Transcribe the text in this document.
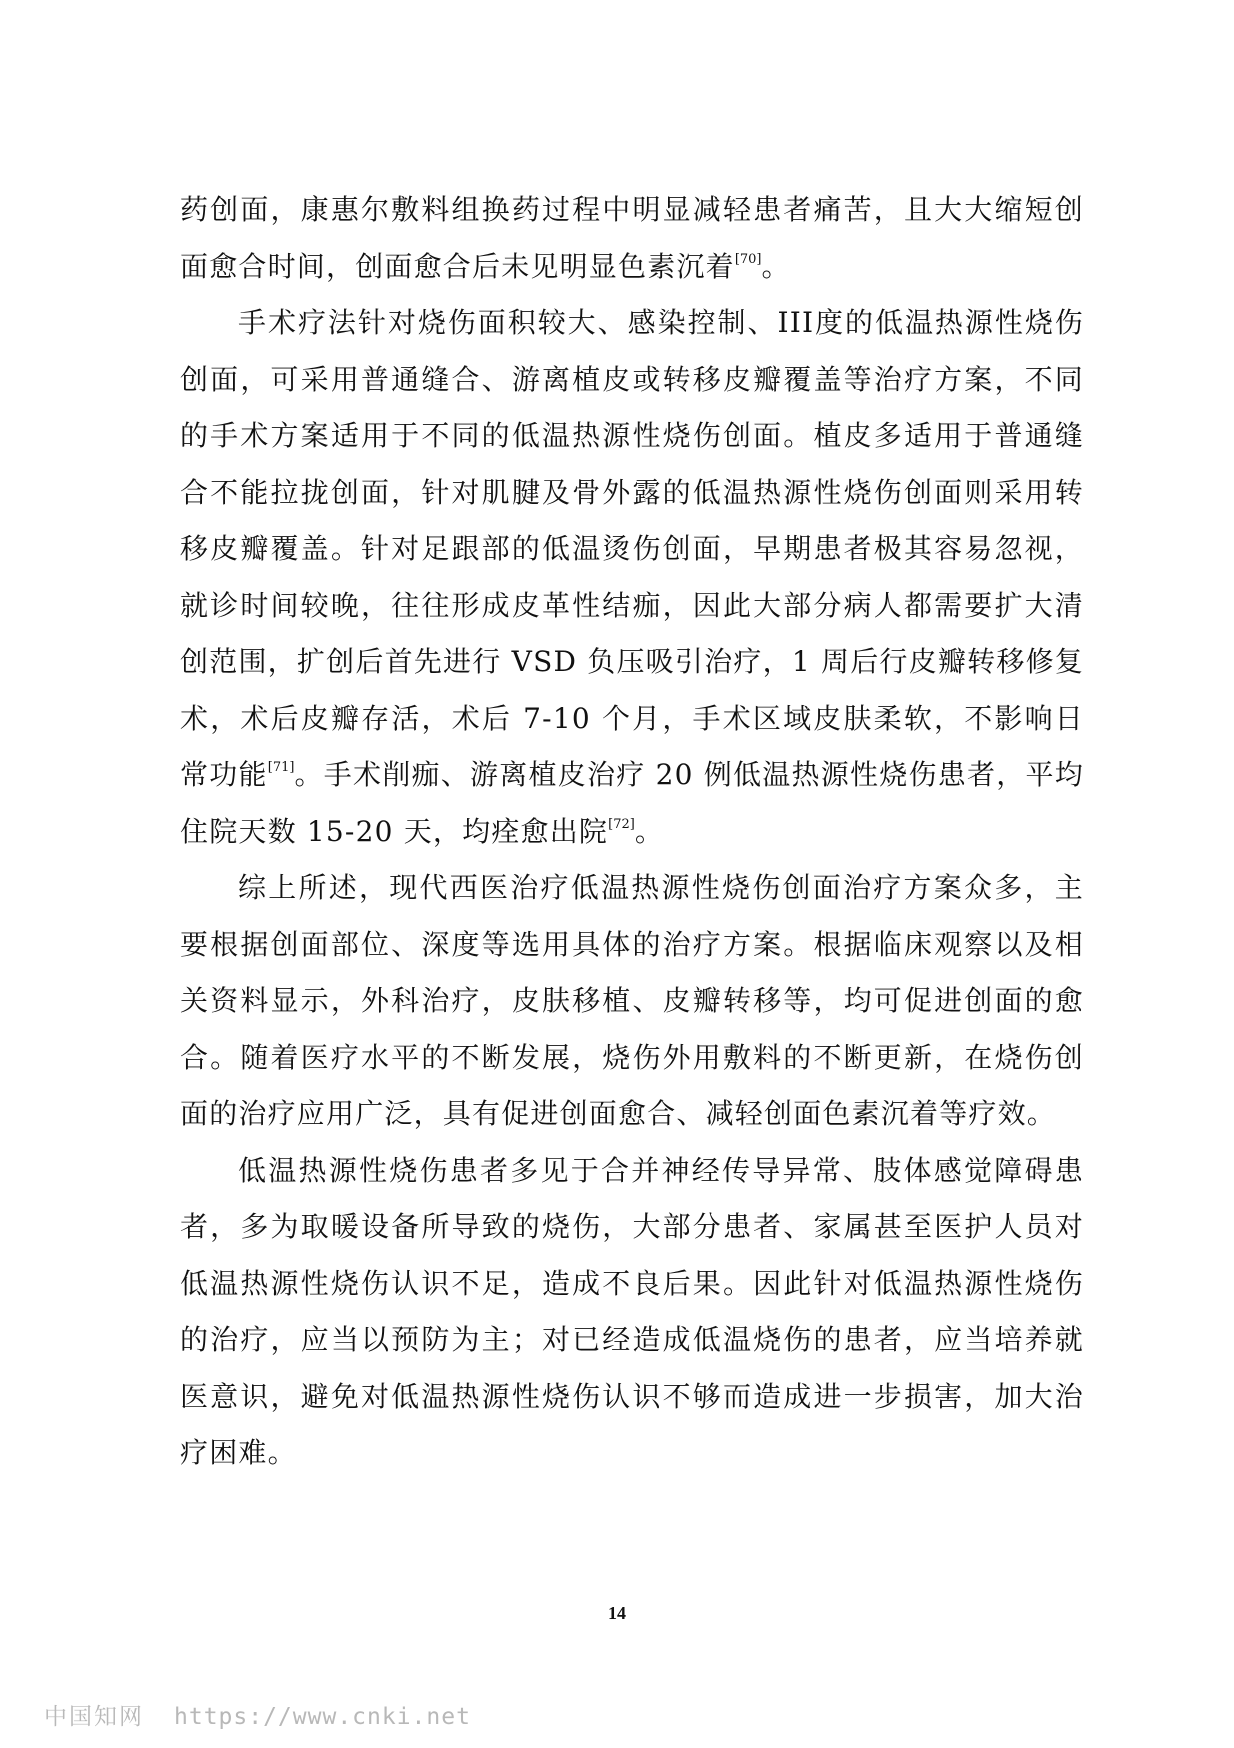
药创面，康惠尔敷料组换药过程中明显减轻患者痛苦，且大大缩短创面愈合时间，创面愈合后未见明显色素沉着[70]。

手术疗法针对烧伤面积较大、感染控制、III度的低温热源性烧伤创面，可采用普通缝合、游离植皮或转移皮瓣覆盖等治疗方案，不同的手术方案适用于不同的低温热源性烧伤创面。植皮多适用于普通缝合不能拉拢创面，针对肌腱及骨外露的低温热源性烧伤创面则采用转移皮瓣覆盖。针对足跟部的低温烫伤创面，早期患者极其容易忽视，就诊时间较晚，往往形成皮革性结痂，因此大部分病人都需要扩大清创范围，扩创后首先进行 VSD 负压吸引治疗，1 周后行皮瓣转移修复术，术后皮瓣存活，术后 7-10 个月，手术区域皮肤柔软，不影响日常功能[71]。手术削痂、游离植皮治疗 20 例低温热源性烧伤患者，平均住院天数 15-20 天，均痊愈出院[72]。

综上所述，现代西医治疗低温热源性烧伤创面治疗方案众多，主要根据创面部位、深度等选用具体的治疗方案。根据临床观察以及相关资料显示，外科治疗，皮肤移植、皮瓣转移等，均可促进创面的愈合。随着医疗水平的不断发展，烧伤外用敷料的不断更新，在烧伤创面的治疗应用广泛，具有促进创面愈合、减轻创面色素沉着等疗效。

低温热源性烧伤患者多见于合并神经传导异常、肢体感觉障碍患者，多为取暖设备所导致的烧伤，大部分患者、家属甚至医护人员对低温热源性烧伤认识不足，造成不良后果。因此针对低温热源性烧伤的治疗，应当以预防为主；对已经造成低温烧伤的患者，应当培养就医意识，避免对低温热源性烧伤认识不够而造成进一步损害，加大治疗困难。

14
中国知网 https://www.cnki.net
